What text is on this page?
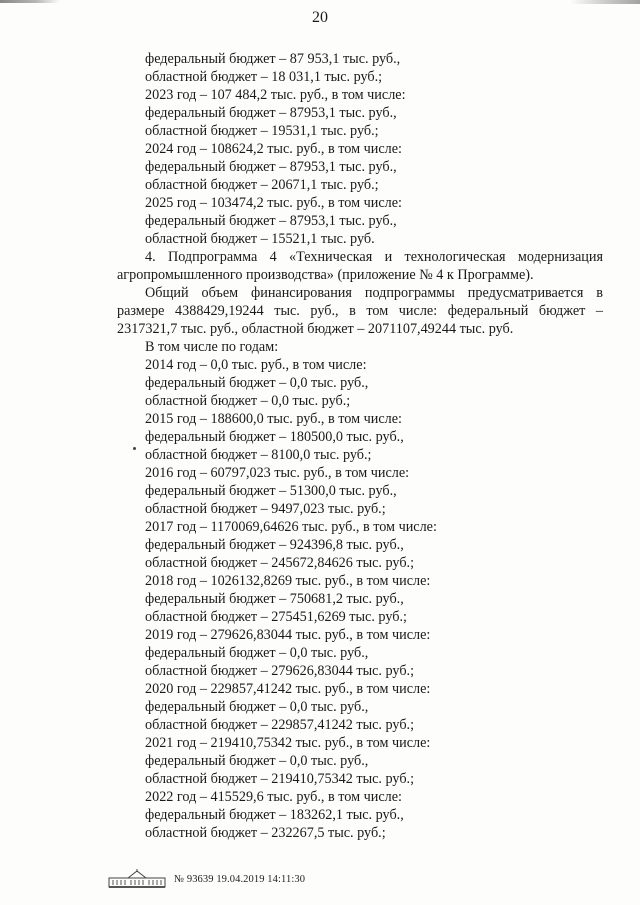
20
федеральный бюджет – 87 953,1 тыс. руб.,
областной бюджет – 18 031,1 тыс. руб.;
2023 год – 107 484,2 тыс. руб., в том числе:
федеральный бюджет – 87953,1 тыс. руб.,
областной бюджет – 19531,1 тыс. руб.;
2024 год – 108624,2 тыс. руб., в том числе:
федеральный бюджет – 87953,1 тыс. руб.,
областной бюджет – 20671,1 тыс. руб.;
2025 год – 103474,2 тыс. руб., в том числе:
федеральный бюджет – 87953,1 тыс. руб.,
областной бюджет – 15521,1 тыс. руб.
4. Подпрограмма 4 «Техническая и технологическая модернизация
агропромышленного производства» (приложение № 4 к Программе).
Общий объем финансирования подпрограммы предусматривается в
размере 4388429,19244 тыс. руб., в том числе: федеральный бюджет –
2317321,7 тыс. руб., областной бюджет – 2071107,49244 тыс. руб.
В том числе по годам:
2014 год – 0,0 тыс. руб., в том числе:
федеральный бюджет – 0,0 тыс. руб.,
областной бюджет – 0,0 тыс. руб.;
2015 год – 188600,0 тыс. руб., в том числе:
федеральный бюджет – 180500,0 тыс. руб.,
областной бюджет – 8100,0 тыс. руб.;
2016 год – 60797,023 тыс. руб., в том числе:
федеральный бюджет – 51300,0 тыс. руб.,
областной бюджет – 9497,023 тыс. руб.;
2017 год – 1170069,64626 тыс. руб., в том числе:
федеральный бюджет – 924396,8 тыс. руб.,
областной бюджет – 245672,84626 тыс. руб.;
2018 год – 1026132,8269 тыс. руб., в том числе:
федеральный бюджет – 750681,2 тыс. руб.,
областной бюджет – 275451,6269 тыс. руб.;
2019 год – 279626,83044 тыс. руб., в том числе:
федеральный бюджет – 0,0 тыс. руб.,
областной бюджет – 279626,83044 тыс. руб.;
2020 год – 229857,41242 тыс. руб., в том числе:
федеральный бюджет – 0,0 тыс. руб.,
областной бюджет – 229857,41242 тыс. руб.;
2021 год – 219410,75342 тыс. руб., в том числе:
федеральный бюджет – 0,0 тыс. руб.,
областной бюджет – 219410,75342 тыс. руб.;
2022 год – 415529,6 тыс. руб., в том числе:
федеральный бюджет – 183262,1 тыс. руб.,
областной бюджет – 232267,5 тыс. руб.;
№ 93639 19.04.2019 14:11:30
